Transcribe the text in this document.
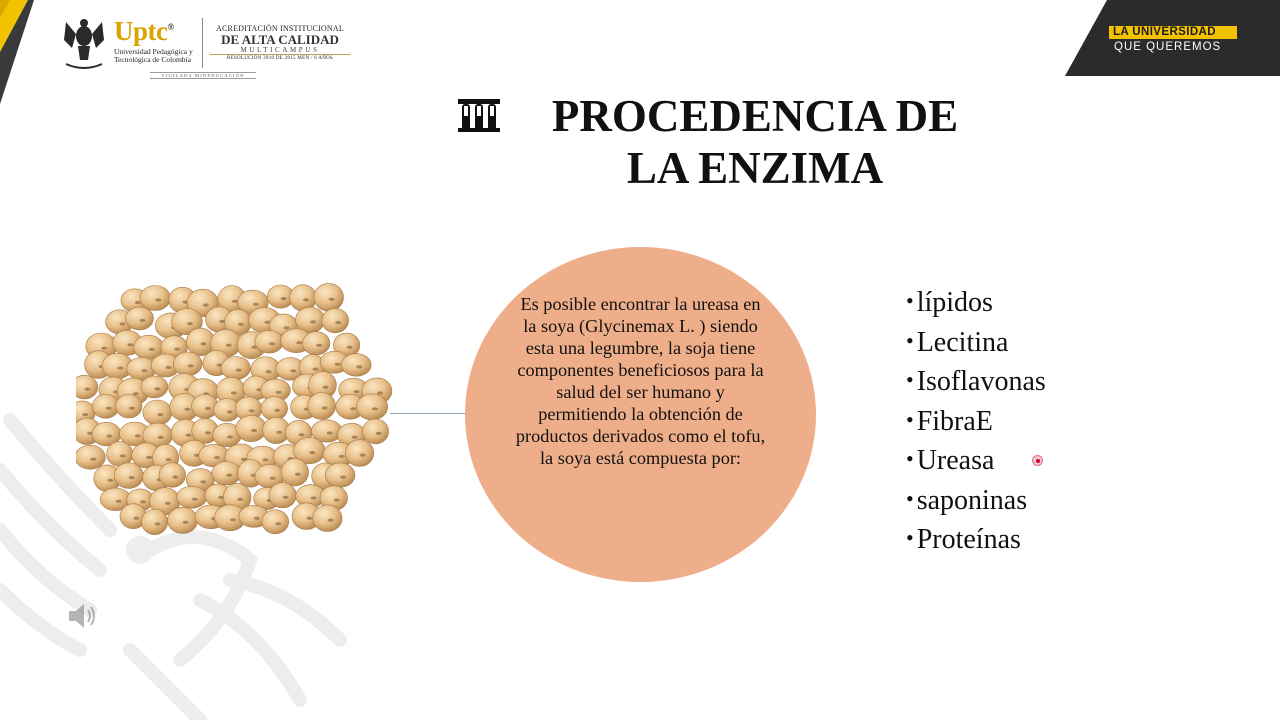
Uptc®
Universidad Pedagógica y Tecnológica de Colombia
ACREDITACIÓN INSTITUCIONAL
DE ALTA CALIDAD
MULTICAMPUS
RESOLUCIÓN 3910 DE 2015 MEN / 6 AÑOS
VIGILADA MINEDUCACIÓN
LA UNIVERSIDAD
QUE QUEREMOS
PROCEDENCIA DE
LA ENZIMA
Es posible encontrar la ureasa en la soya (Glycinemax L. ) siendo esta una legumbre, la soja tiene componentes beneficiosos para la salud del ser humano y permitiendo la obtención de productos derivados como el tofu, la soya está compuesta por:
• lípidos
• Lecitina
• Isoflavonas
• FibraE
• Ureasa
• saponinas
• Proteínas
